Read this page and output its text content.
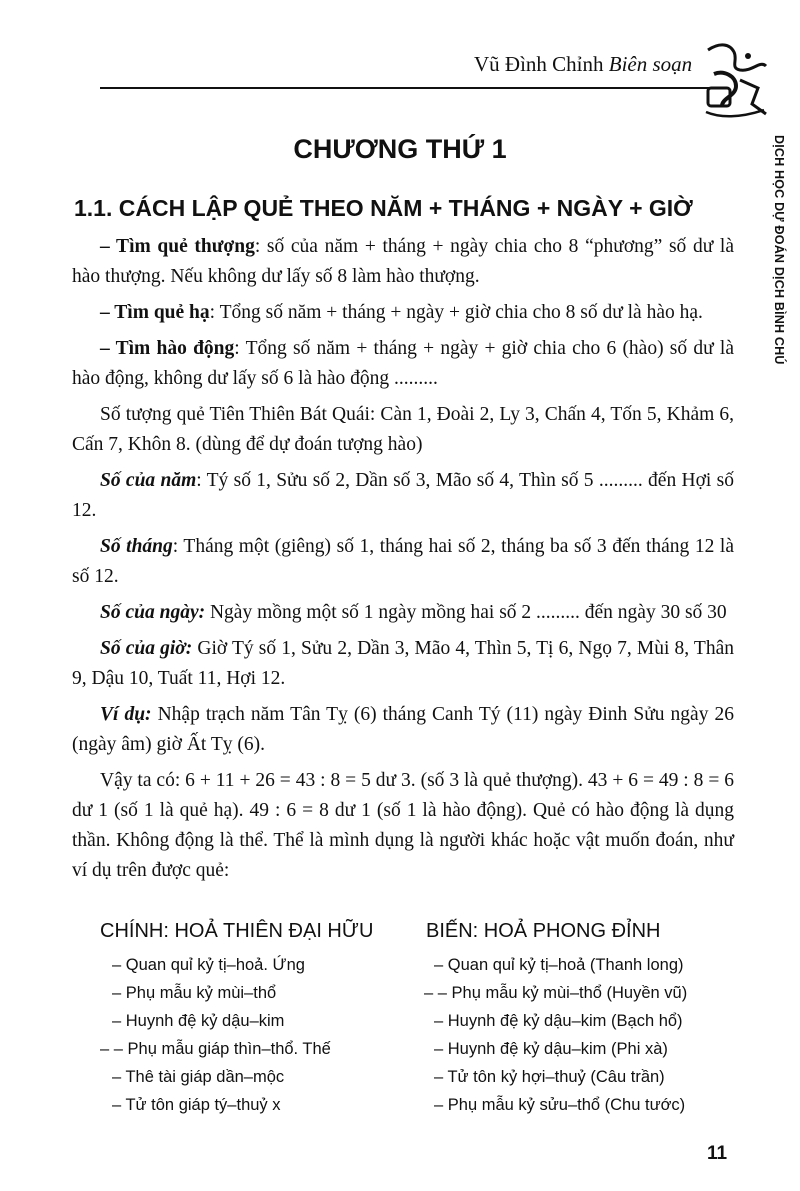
Vũ Đình Chỉnh Biên soạn
DỊCH HỌC DỰ ĐOÁN DỊCH BÌNH CHÚ
CHƯƠNG THỨ 1
1.1. CÁCH LẬP QUẺ THEO NĂM + THÁNG + NGÀY + GIỜ

– Tìm quẻ thượng: số của năm + tháng + ngày chia cho 8 “phương” số dư là hào thượng. Nếu không dư lấy số 8 làm hào thượng.

– Tìm quẻ hạ: Tổng số năm + tháng + ngày + giờ chia cho 8 số dư là hào hạ.

– Tìm hào động: Tổng số năm + tháng + ngày + giờ chia cho 6 (hào) số dư là hào động, không dư lấy số 6 là hào động .........

Số tượng quẻ Tiên Thiên Bát Quái: Càn 1, Đoài 2, Ly 3, Chấn 4, Tốn 5, Khảm 6, Cấn 7, Khôn 8. (dùng để dự đoán tượng hào)

Số của năm: Tý số 1, Sửu số 2, Dần số 3, Mão số 4, Thìn số 5 ......... đến Hợi số 12.

Số tháng: Tháng một (giêng) số 1, tháng hai số 2, tháng ba số 3 đến tháng 12 là số 12.

Số của ngày: Ngày mồng một số 1 ngày mồng hai số 2 ......... đến ngày 30 số 30

Số của giờ: Giờ Tý số 1, Sửu 2, Dần 3, Mão 4, Thìn 5, Tị 6, Ngọ 7, Mùi 8, Thân 9, Dậu 10, Tuất 11, Hợi 12.

Ví dụ: Nhập trạch năm Tân Tỵ (6) tháng Canh Tý (11) ngày Đinh Sửu ngày 26 (ngày âm) giờ Ất Tỵ (6).

Vậy ta có: 6 + 11 + 26 = 43 : 8 = 5 dư 3. (số 3 là quẻ thượng). 43 + 6 = 49 : 8 = 6 dư 1 (số 1 là quẻ hạ). 49 : 6 = 8 dư 1 (số 1 là hào động). Quẻ có hào động là dụng thần. Không động là thể. Thể là mình dụng là người khác hoặc vật muốn đoán, như ví dụ trên được quẻ:

CHÍNH: HOẢ THIÊN ĐẠI HỮU
– Quan quỉ kỷ tị–hoả. Ứng
– Phụ mẫu kỷ mùi–thổ
– Huynh đệ kỷ dậu–kim
– – Phụ mẫu giáp thìn–thổ. Thế
– Thê tài giáp dần–mộc
– Tử tôn giáp tý–thuỷ x
BIẾN: HOẢ PHONG ĐỈNH
– Quan quỉ kỷ tị–hoả (Thanh long)
– – Phụ mẫu kỷ mùi–thổ (Huyền vũ)
– Huynh đệ kỷ dậu–kim (Bạch hổ)
– Huynh đệ kỷ dậu–kim (Phi xà)
– Tử tôn kỷ hợi–thuỷ (Câu trần)
– Phụ mẫu kỷ sửu–thổ (Chu tước)
11
